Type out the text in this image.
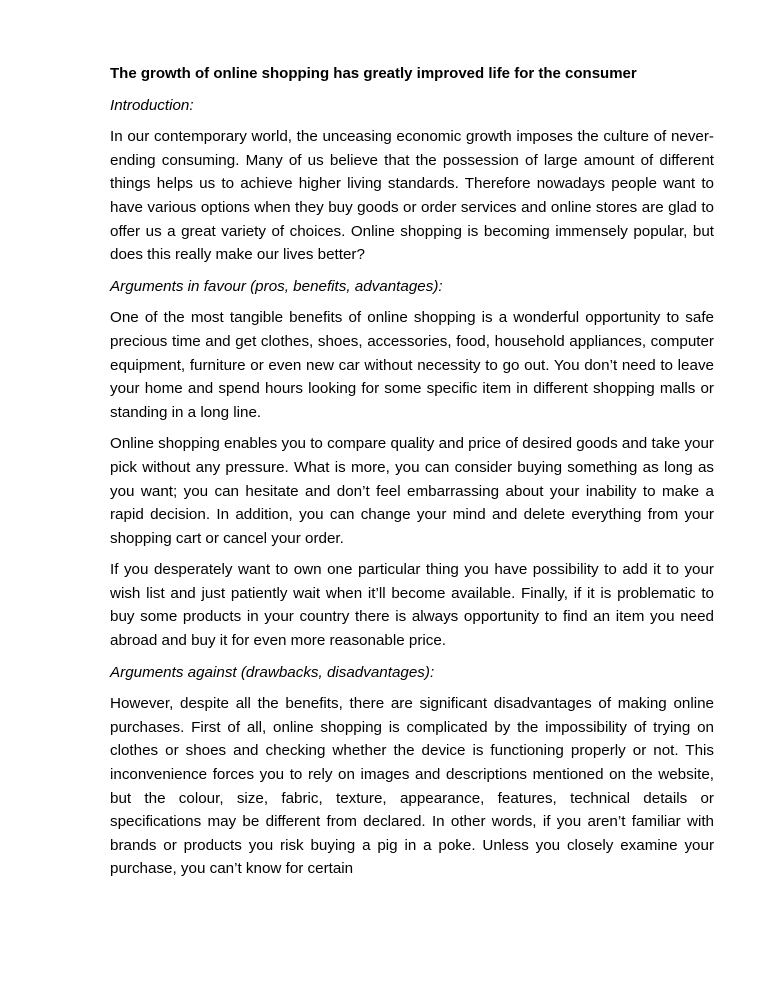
The growth of online shopping has greatly improved life for the consumer

Introduction:

In our contemporary world, the unceasing economic growth imposes the culture of never-ending consuming. Many of us believe that the possession of large amount of different things helps us to achieve higher living standards. Therefore nowadays people want to have various options when they buy goods or order services and online stores are glad to offer us a great variety of choices. Online shopping is becoming immensely popular, but does this really make our lives better?

Arguments in favour (pros, benefits, advantages):

One of the most tangible benefits of online shopping is a wonderful opportunity to safe precious time and get clothes, shoes, accessories, food, household appliances, computer equipment, furniture or even new car without necessity to go out. You don’t need to leave your home and spend hours looking for some specific item in different shopping malls or standing in a long line.

Online shopping enables you to compare quality and price of desired goods and take your pick without any pressure. What is more, you can consider buying something as long as you want; you can hesitate and don’t feel embarrassing about your inability to make a rapid decision. In addition, you can change your mind and delete everything from your shopping cart or cancel your order.

If you desperately want to own one particular thing you have possibility to add it to your wish list and just patiently wait when it’ll become available. Finally, if it is problematic to buy some products in your country there is always opportunity to find an item you need abroad and buy it for even more reasonable price.

Arguments against (drawbacks, disadvantages):

However, despite all the benefits, there are significant disadvantages of making online purchases. First of all, online shopping is complicated by the impossibility of trying on clothes or shoes and checking whether the device is functioning properly or not. This inconvenience forces you to rely on images and descriptions mentioned on the website, but the colour, size, fabric, texture, appearance, features, technical details or specifications may be different from declared. In other words, if you aren’t familiar with brands or products you risk buying a pig in a poke. Unless you closely examine your purchase, you can’t know for certain
